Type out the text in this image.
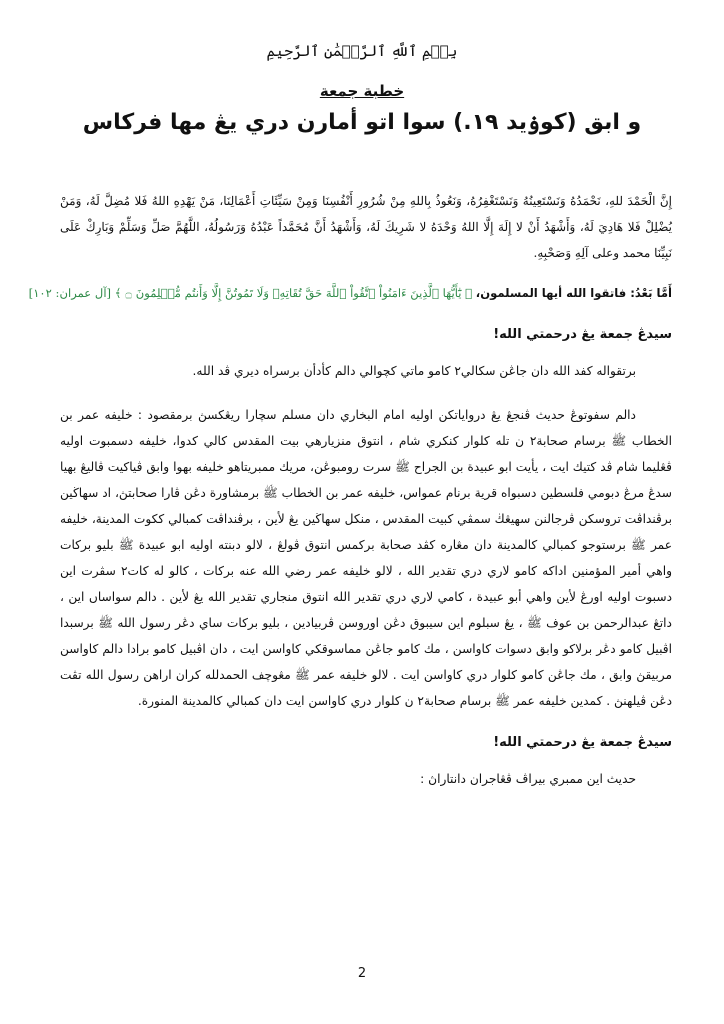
بِسۡمِ ٱللَّهِ ٱلرَّحۡمَٰنِ ٱلرَّحِيمِ
خطبة جمعة
و ابق (كوۏيد ١٩.) سوا اتو أمارن دري يڠ مها فركاس

إِنَّ الْحَمْدَ للهِ، نَحْمَدُهُ وَنَسْتَعِينُهُ وَنَسْتَغْفِرُهُ، وَنَعُوذُ بِاللهِ مِنْ شُرُورِ أَنْفُسِنَا وَمِنْ سَيِّئَاتِ أَعْمَالِنَا، مَنْ يَهْدِهِ اللهُ فَلا مُضِلَّ لَهُ، وَمَنْ يُضْلِلْ فَلا هَادِيَ لَهُ، وَأَشْهَدُ أَنْ لا إِلَهَ إِلَّا اللهُ وَحْدَهُ لا شَرِيكَ لَهُ، وَأَشْهَدُ أَنَّ مُحَمَّداً عَبْدُهُ وَرَسُولُهُ، اللَّهُمَّ صَلِّ وَسَلِّمْ وَبَارِكْ عَلَى نَبِيِّنَا محمد وعلى آلِهِ وَصَحْبِهِ.

أَمَّا بَعْدُ: فاتقوا الله أيها المسلمون، ﴿ يَٰٓأَيُّهَا ٱلَّذِينَ ءَامَنُواْ ٱتَّقُواْ ٱللَّهَ حَقَّ تُقَاتِهِۦ وَلَا تَمُوتُنَّ إِلَّا وَأَنتُم مُّسۡلِمُونَ ۝ ﴾ [آل عمران: ١٠٢]

سيدڠ جمعة يڠ درحمتي الله!

برتقواله كفد الله دان جاڠن سكالي٢ كامو ماتي كچوالي دالم كأدأن برسراه ديري ڤد الله.

دالم سفوتوڠ حديث ڤنجڠ يڠ درواياتكن اوليه امام البخاري دان مسلم سچارا ريڠكسڽ برمقصود : خليفه عمر بن الخطاب ﷺ برسام صحابة٢ ن تله كلوار كنكري شام ، انتوق منزيارهي بيت المقدس كالي كدوا، خليفه دسمبوت اوليه ڤڠليما شام ڤد كتيك ايت ، يأيت ابو عبيدة بن الجراح ﷺ سرت رومبوڠن، مريك ممبريتاهو خليفه بهوا وابق ڤياكيت ڤاليڠ بهيا سدڠ مرڠ دبومي فلسطين دسبواه قرية برنام عمواس، خليفه عمر بن الخطاب ﷺ برمشاورة دڠن ڤارا صحابتڽ، اد سهاڬين برڤنداڤت تروسكن ڤرجالنن سهيڠڬ سمڤي كبيت المقدس ، منكل سهاڬين يڠ لأين ، برڤنداڤت كمبالي ككوت المدينة، خليفه عمر ﷺ برستوجو كمبالي كالمدينة دان مڠاره كڤد صحابة بركمس انتوق ڤولڠ ، لالو دبنته اوليه ابو عبيدة ﷺ بليو بركات واهي أمير المؤمنين اداكه كامو لاري دري تقدير الله ، لالو خليفه عمر رضي الله عنه بركات ، كالو له كات٢ سڤرت اين دسبوت اوليه اورڠ لأين واهي أبو عبيدة ، كامي لاري دري تقدير الله انتوق منجاري تقدير الله يڠ لأين . دالم سواساں اين ، داتڠ عبدالرحمن بن عوف ﷺ ، يڠ سبلوم اين سيبوق دڠن اوروسن ڤربيادين ، بليو بركات ساي دڠر رسول الله ﷺ برسبدا اڤبيل كامو دڠر برلاكو وابق دسوات كاواسن ، مك كامو جاڠن مماسوقكي كاواسن ايت ، دان اڤبيل كامو برادا دالم كاواسن مربيقڽ وابق ، مك جاڠن كامو كلوار دري كاواسن ايت . لالو خليفه عمر ﷺ مڠوچف الحمدلله كران اراهن رسول الله تڤت دڠن ڤيلهنڽ . كمدين خليفه عمر ﷺ برسام صحابة٢ ن كلوار دري كاواسن ايت دان كمبالي كالمدينة المنورة.

سيدڠ جمعة يڠ درحمتي الله!

حديث اين ممبري بيراڤ ڤڠاجران دانتاراڽ :

2
